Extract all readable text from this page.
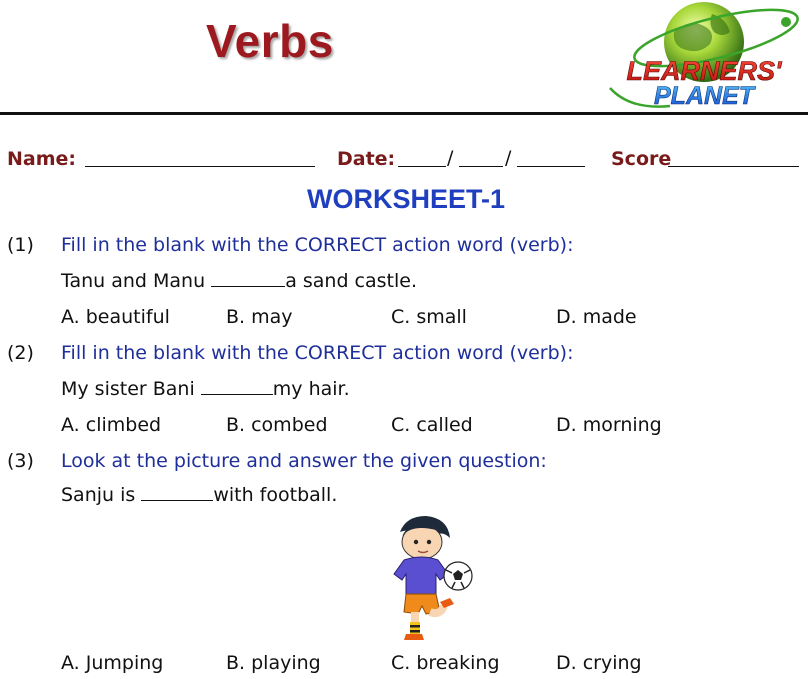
Verbs
LEARNERS'
PLANET
Name:	Date:	/	/	Score
WORKSHEET-1
(1) Fill in the blank with the CORRECT action word (verb):
Tanu and Manu	a sand castle.
A. beautiful	B. may	C. small	D. made
(2) Fill in the blank with the CORRECT action word (verb):
My sister Bani	my hair.
A. climbed	B. combed	C. called	D. morning
(3) Look at the picture and answer the given question:
Sanju is	with football.
A. Jumping	B. playing	C. breaking	D. crying
